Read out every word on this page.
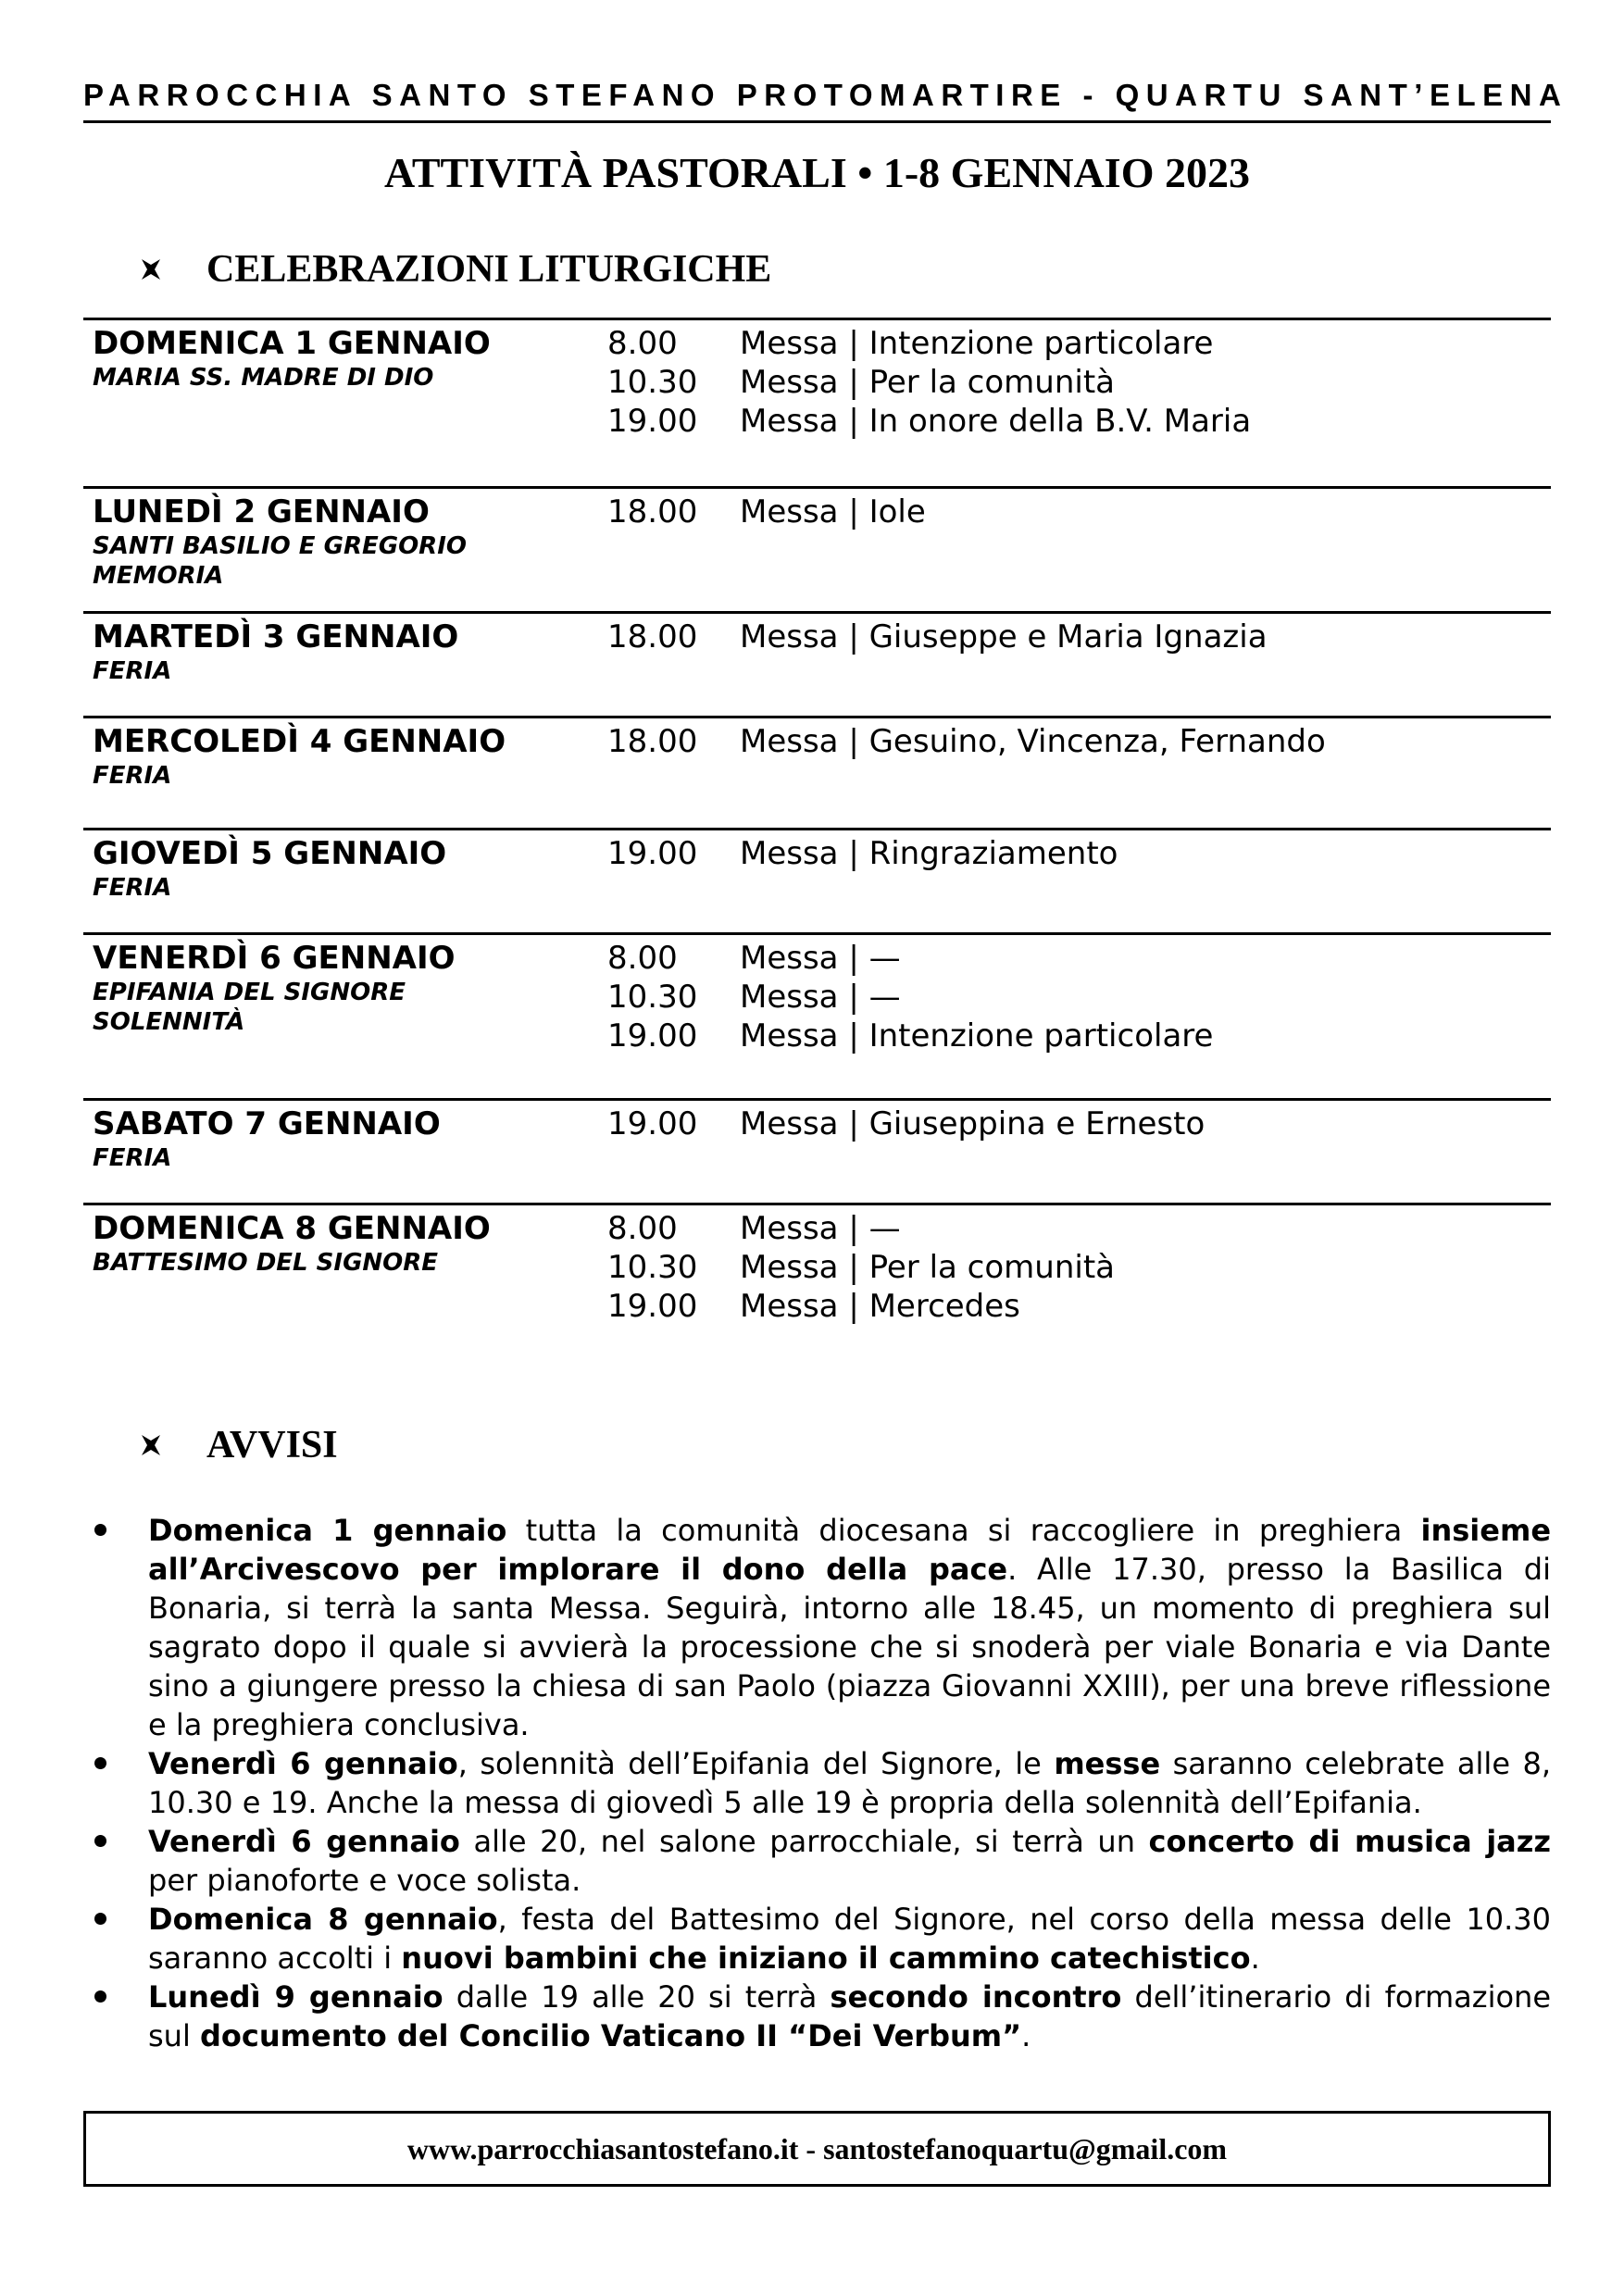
PARROCCHIA SANTO STEFANO PROTOMARTIRE - QUARTU SANT’ELENA
ATTIVITÀ PASTORALI • 1-8 GENNAIO 2023
CELEBRAZIONI LITURGICHE
DOMENICA 1 GENNAIO
MARIA SS. MADRE DI DIO
8.00	Messa | Intenzione particolare
10.30	Messa | Per la comunità
19.00	Messa | In onore della B.V. Maria
LUNEDÌ 2 GENNAIO
SANTI BASILIO E GREGORIO
MEMORIA
18.00	Messa | Iole
MARTEDÌ 3 GENNAIO
FERIA
18.00	Messa | Giuseppe e Maria Ignazia
MERCOLEDÌ 4 GENNAIO
FERIA
18.00	Messa | Gesuino, Vincenza, Fernando
GIOVEDÌ 5 GENNAIO
FERIA
19.00	Messa | Ringraziamento
VENERDÌ 6 GENNAIO
EPIFANIA DEL SIGNORE
SOLENNITÀ
8.00	Messa | —
10.30	Messa | —
19.00	Messa | Intenzione particolare
SABATO 7 GENNAIO
FERIA
19.00	Messa | Giuseppina e Ernesto
DOMENICA 8 GENNAIO
BATTESIMO DEL SIGNORE
8.00	Messa | —
10.30	Messa | Per la comunità
19.00	Messa | Mercedes
AVVISI
Domenica 1 gennaio tutta la comunità diocesana si raccogliere in preghiera insieme all’Arcivescovo per implorare il dono della pace. Alle 17.30, presso la Basilica di Bonaria, si terrà la santa Messa. Seguirà, intorno alle 18.45, un momento di preghiera sul sagrato dopo il quale si avvierà la processione che si snoderà per viale Bonaria e via Dante sino a giungere presso la chiesa di san Paolo (piazza Giovanni XXIII), per una breve riflessione e la preghiera conclusiva.
Venerdì 6 gennaio, solennità dell’Epifania del Signore, le messe saranno celebrate alle 8, 10.30 e 19. Anche la messa di giovedì 5 alle 19 è propria della solennità dell’Epifania.
Venerdì 6 gennaio alle 20, nel salone parrocchiale, si terrà un concerto di musica jazz per pianoforte e voce solista.
Domenica 8 gennaio, festa del Battesimo del Signore, nel corso della messa delle 10.30 saranno accolti i nuovi bambini che iniziano il cammino catechistico.
Lunedì 9 gennaio dalle 19 alle 20 si terrà secondo incontro dell’itinerario di formazione sul documento del Concilio Vaticano II “Dei Verbum”.
www.parrocchiasantostefano.it - santostefanoquartu@gmail.com
